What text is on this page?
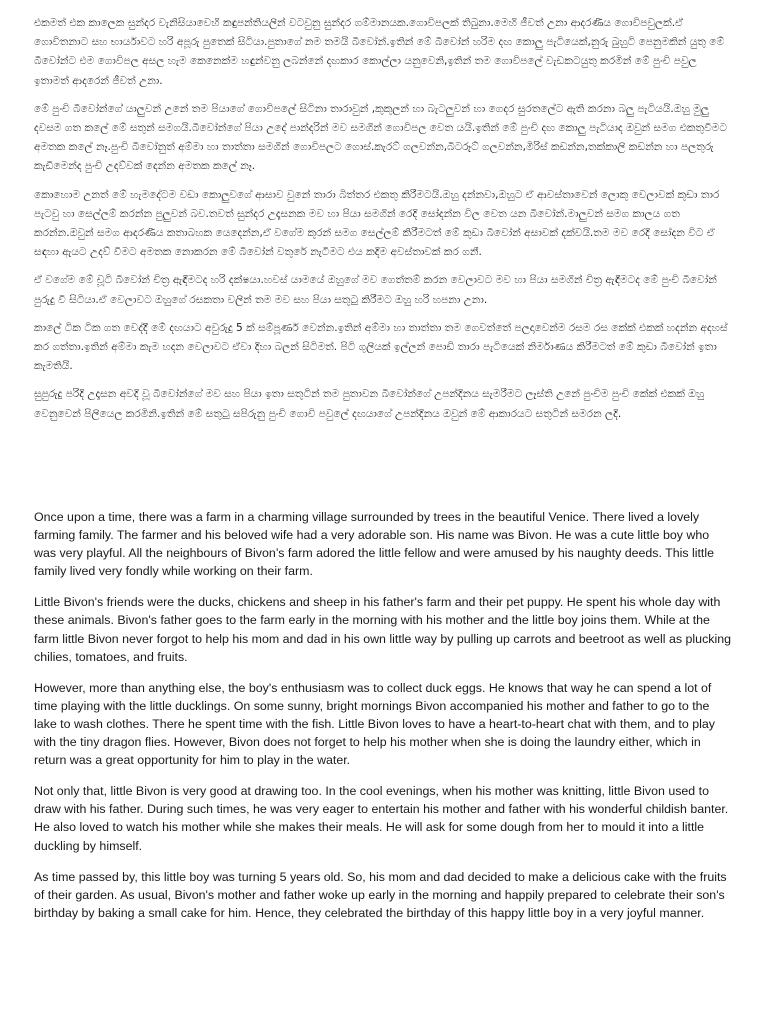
එකමත් එක කාලෙක සුන්දර වැනිසියාවෙහි කඳුපන්තියලින් වටවුනු සුන්දර ගම්මානයක.ගොවිපලක් තිබුනා.මෙහි ජීවත් උනා ආදරණීය ගොවිපවුලක්.ඒ ගොවිතනාට සහ භාර්යාවට හරි අපූරු පුතෙක් සිටියා.පුතාගේ නම තමයි බීවෝන්.ඉතින් මේ බීවෝන් හරිම දඟ කොලු පැටියෙක්,නුරු බුහුටි පෙනුමකින් යුතු මේ බීවෝන්ට එම ගොවිපල අසල හැම කෙනෙක්ම හඳුන්වනු ලබන්නේ දඟකාර කොල්ලා යනුවෙනි,ඉතින් තම ගොවිපලේ වැඩකටයුතු කරමින් මේ පුංචි පවුල ඉතාමත් ආදරෙන් ජීවත් උනා.

මේ පුංචි බීවෝන්ගේ යාලුවන් උනේ තම පියාගේ ගොවිපලේ සිටිනා තාරාවුන් ,කුකුලන් හා බැටලුවන් හා ගෙදර සුරතලේට ඇති කරනා බලු පැටියයි.ඔහු මුලු දවසම ගත කලේ මේ සතුන් සමගයි.බීවෝන්ගේ පියා උදේ පාන්දරින් මව සමගින් ගොවිපල වෙත යයි.ඉතින් මේ පුංචි දඟ කොලු පැටියාද ඔවුන් සමග එකතුවීමට අමතක කලේ නෑ.පුංචි බීවෝනුත් අම්මා හා තාත්තා සමගින් ගොවිපලට ගොස්.කැරට් ගලවන්න,බීටරූට් ගලවන්න,මිරිස් කඩන්න,තක්කාලි කඩන්න හා පලතුරු කැඩීමෙන්ද පුංචි උදව්වක් දෙන්න අමතක කලේ නෑ.

කොහොම උනත් මේ හැමදේටම වඩා කොලුවගේ ආසාව වුනේ තාරා බිත්තර එකතු කිරීමටයි.ඔහු දන්නවා,ඔහුට ඒ ආවස්තාවෙන් ලොකු වෙලාවක් කුඩා තාර පැටවු හා සෙල්ලම් කරන්න පුලුවන් බව.තවත් සුන්දර උදෑසනක මව හා පියා සමගින් රෙදි සෝදන්න විල වෙත යන බීවෝන්.මාලුවන් සමග කාලය ගත කරන්න.ඔවුන් සමග ආදරණීය කතාබහක යෙදෙන්න,ඒ වගේම කුරන් සමග සෙල්ලම් කිරීමටත් මේ කුඩා බීවෝන් අසාවක් දක්වයි.තම මව රෙදි සෝදන විට ඒ සඳහා ඇයට උදව් වීමට අමතක නොකරන මේ බීවෝන් වතුරේ නැටීමට එය කදිම අවස්තාවක් කර ගනී.

ඒ වගේම මේ චූටි බීවෝන් චිත්‍ර ඇඳීමටද හරි දක්ෂයා.හවස් යාමයේ ඔහුගේ මව ගෙත්තම් කරන වෙලාවට මව හා පියා සමගින් චිත්‍ර ඇඳීමටද මේ පුංචි බීවෝන් පුරුදු වී සිටියා.ඒ වෙලාවට ඔහුගේ රසකතා වලින් තම මව සහ පියා සතුටු කිරීමට ඔහු හරි හපනා උනා.

කාලේ ටික ටික ගත වෙද්දී මේ දඟයාට අවුරුදු 5 ක් සම්පූර්ණ වෙන්න.ඉතින් අම්මා හා තාත්තා තම ගෙවත්තේ පලදාවෙන්ම රසම රස කේක් එකක් හදන්න අදහස් කර ගත්තා.ඉතින් අම්මා කැම හදන වෙලාවට ඒවා දිහා බලන් සිටිමත්. පිටි ගුලියක් ඉල්ලන් පොඩි තාරා පැටියෙක් නිර්මාණය කිරීමටත් මේ කුඩා බීවෝන් ඉතා කැමතියි.

සුපුරුදු පරිදි උදෑසන අවදි වූ බීවෝන්ගේ මව සහ පියා ඉතා සතුටින් තම පුතාවන බීවෝන්ගේ උපන්දිනය සැමරීමට ලෑස්ති උනේ පුංචිම පුංචි කේක් එකක් ඔහු වෙනුවෙන් පිලියෙල කරමිනි.ඉතින් මේ සතුටු සපිරුනු පුංචි ගොවි පවුලේ දඟයාගේ උපන්දිනය ඔවුන් මේ ආකාරයට සතුටින් සමරන ලදි.

Once upon a time, there was a farm in a charming village surrounded by trees in the beautiful Venice. There lived a lovely farming family. The farmer and his beloved wife had a very adorable son. His name was Bivon. He was a cute little boy who was very playful. All the neighbours of Bivon’s farm adored the little fellow and were amused by his naughty deeds. This little family lived very fondly while working on their farm.

Little Bivon's friends were the ducks, chickens and sheep in his father's farm and their pet puppy. He spent his whole day with these animals. Bivon's father goes to the farm early in the morning with his mother and the little boy joins them. While at the farm little Bivon never forgot to help his mom and dad in his own little way by pulling up carrots and beetroot as well as plucking chilies, tomatoes, and fruits.

However, more than anything else, the boy's enthusiasm was to collect duck eggs. He knows that way he can spend a lot of time playing with the little ducklings. On some sunny, bright mornings Bivon accompanied his mother and father to go to the lake to wash clothes. There he spent time with the fish. Little Bivon loves to have a heart-to-heart chat with them, and to play with the tiny dragon flies. However, Bivon does not forget to help his mother when she is doing the laundry either, which in return was a great opportunity for him to play in the water.

Not only that, little Bivon is very good at drawing too. In the cool evenings, when his mother was knitting, little Bivon used to draw with his father. During such times, he was very eager to entertain his mother and father with his wonderful childish banter. He also loved to watch his mother while she makes their meals. He will ask for some dough from her to mould it into a little duckling by himself.

As time passed by, this little boy was turning 5 years old. So, his mom and dad decided to make a delicious cake with the fruits of their garden. As usual, Bivon's mother and father woke up early in the morning and happily prepared to celebrate their son's birthday by baking a small cake for him. Hence, they celebrated the birthday of this happy little boy in a very joyful manner.
